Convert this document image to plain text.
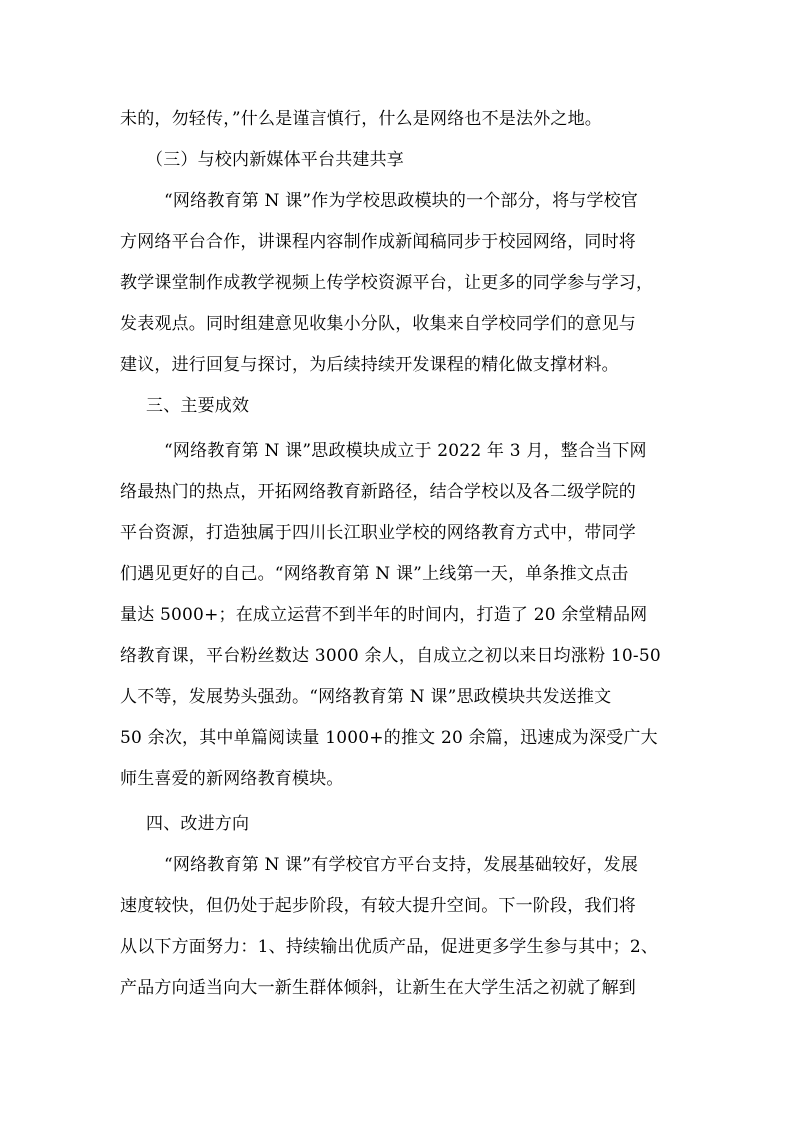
未的，勿轻传，”什么是谨言慎行，什么是网络也不是法外之地。
（三）与校内新媒体平台共建共享
“网络教育第 N 课”作为学校思政模块的一个部分，将与学校官
方网络平台合作，讲课程内容制作成新闻稿同步于校园网络，同时将
教学课堂制作成教学视频上传学校资源平台，让更多的同学参与学习，
发表观点。同时组建意见收集小分队，收集来自学校同学们的意见与
建议，进行回复与探讨，为后续持续开发课程的精化做支撑材料。
三、主要成效
“网络教育第 N 课”思政模块成立于 2022 年 3 月，整合当下网
络最热门的热点，开拓网络教育新路径，结合学校以及各二级学院的
平台资源，打造独属于四川长江职业学校的网络教育方式中，带同学
们遇见更好的自己。“网络教育第 N 课”上线第一天，单条推文点击
量达 5000+；在成立运营不到半年的时间内，打造了 20 余堂精品网
络教育课，平台粉丝数达 3000 余人，自成立之初以来日均涨粉 10-50
人不等，发展势头强劲。“网络教育第 N 课”思政模块共发送推文
50 余次，其中单篇阅读量 1000+的推文 20 余篇，迅速成为深受广大
师生喜爱的新网络教育模块。
四、改进方向
“网络教育第 N 课”有学校官方平台支持，发展基础较好，发展
速度较快，但仍处于起步阶段，有较大提升空间。下一阶段，我们将
从以下方面努力：1、持续输出优质产品，促进更多学生参与其中；2、
产品方向适当向大一新生群体倾斜，让新生在大学生活之初就了解到
